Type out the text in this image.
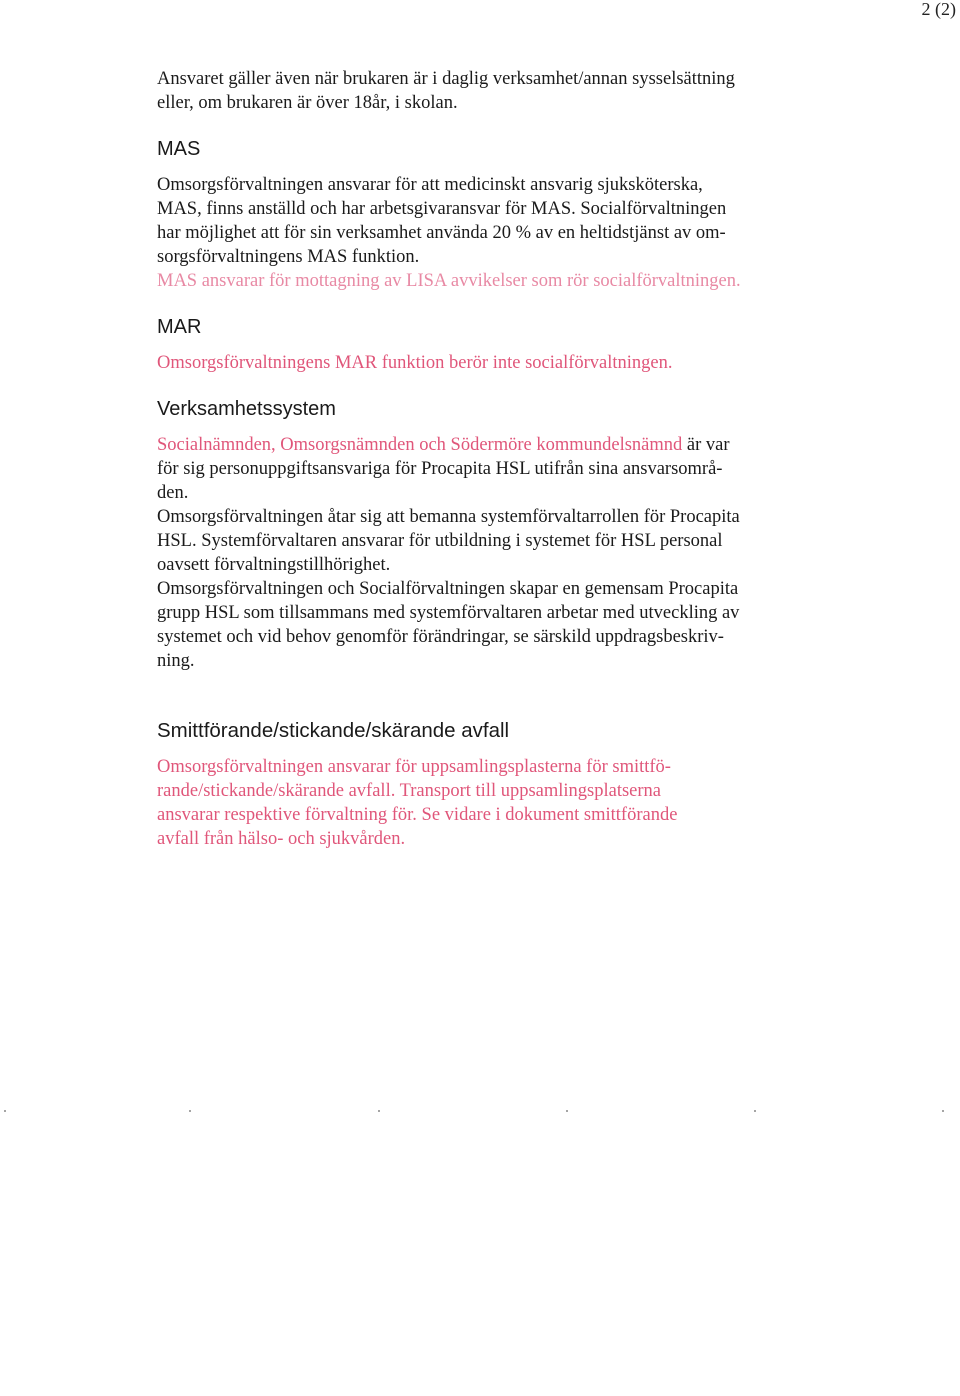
2 (2)

Ansvaret gäller även när brukaren är i daglig verksamhet/annan sysselsättning
eller, om brukaren är över 18år, i skolan.

MAS

Omsorgsförvaltningen ansvarar för att medicinskt ansvarig sjuksköterska,
MAS, finns anställd och har arbetsgivaransvar för MAS. Socialförvaltningen
har möjlighet att för sin verksamhet använda 20 % av en heltidstjänst av om-
sorgsförvaltningens MAS funktion.
MAS ansvarar för mottagning av LISA avvikelser som rör socialförvaltningen.

MAR

Omsorgsförvaltningens MAR funktion berör inte socialförvaltningen.

Verksamhetssystem

Socialnämnden, Omsorgsnämnden och Södermöre kommundelsnämnd är var
för sig personuppgiftsansvariga för Procapita HSL utifrån sina ansvarsområ-
den.
Omsorgsförvaltningen åtar sig att bemanna systemförvaltarrollen för Procapita
HSL. Systemförvaltaren ansvarar för utbildning i systemet för HSL personal
oavsett förvaltningstillhörighet.
Omsorgsförvaltningen och Socialförvaltningen skapar en gemensam Procapita
grupp HSL som tillsammans med systemförvaltaren arbetar med utveckling av
systemet och vid behov genomför förändringar, se särskild uppdragsbeskriv-
ning.

Smittförande/stickande/skärande avfall

Omsorgsförvaltningen ansvarar för uppsamlingsplasterna för smittfö-
rande/stickande/skärande avfall. Transport till uppsamlingsplatserna
ansvarar respektive förvaltning för. Se vidare i dokument smittförande
avfall från hälso- och sjukvården.
